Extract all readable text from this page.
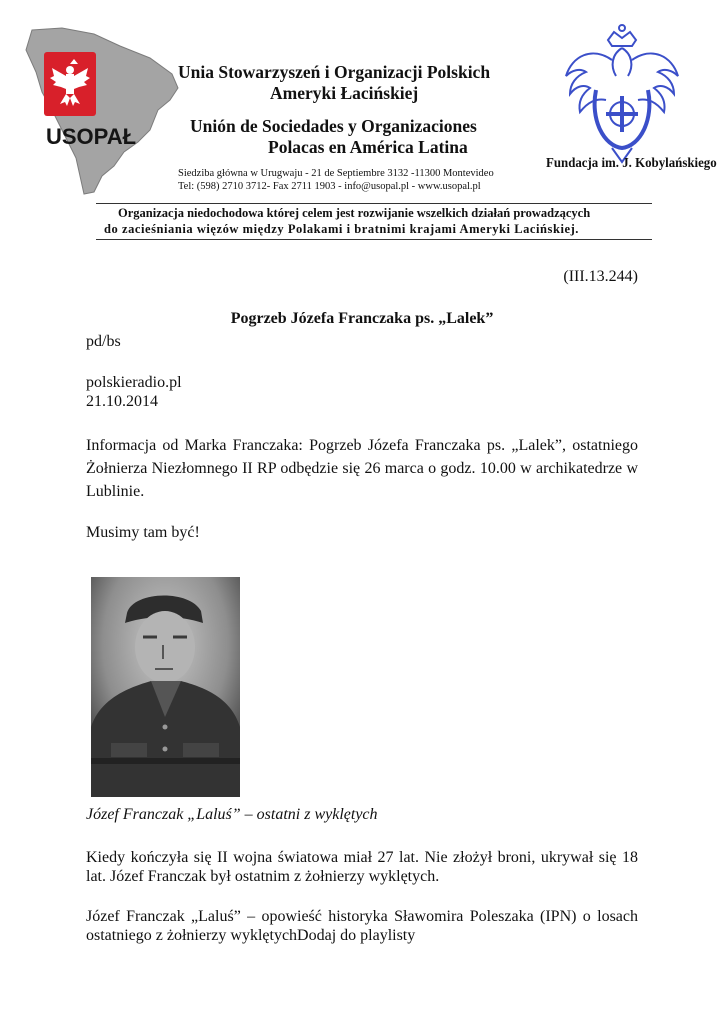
USOPAŁ
Unia Stowarzyszeń i Organizacji Polskich
Ameryki Łacińskiej
Unión de Sociedades y Organizaciones
Polacas en América Latina
Siedziba główna w Urugwaju - 21 de Septiembre 3132 -11300 Montevideo
Tel: (598) 2710 3712- Fax 2711 1903 - info@usopal.pl - www.usopal.pl
Fundacja im. J. Kobylańskiego
Organizacja niedochodowa której celem jest rozwijanie wszelkich działań prowadzących
do zacieśniania więzów między Polakami i bratnimi krajami Ameryki Lacińskiej.
(III.13.244)
Pogrzeb Józefa Franczaka ps. „Lalek”
pd/bs
polskieradio.pl
21.10.2014
Informacja od Marka Franczaka: Pogrzeb Józefa Franczaka ps. „Lalek”, ostatniego Żołnierza Niezłomnego II RP odbędzie się 26 marca o godz. 10.00 w archikatedrze w Lublinie.
Musimy tam być!
Józef Franczak „Laluś” – ostatni z wyklętych
Kiedy kończyła się II wojna światowa miał 27 lat. Nie złożył broni, ukrywał się 18 lat. Józef Franczak był ostatnim z żołnierzy wyklętych.
Józef Franczak „Laluś” – opowieść historyka Sławomira Poleszaka (IPN) o losach ostatniego z żołnierzy wyklętychDodaj do playlisty
